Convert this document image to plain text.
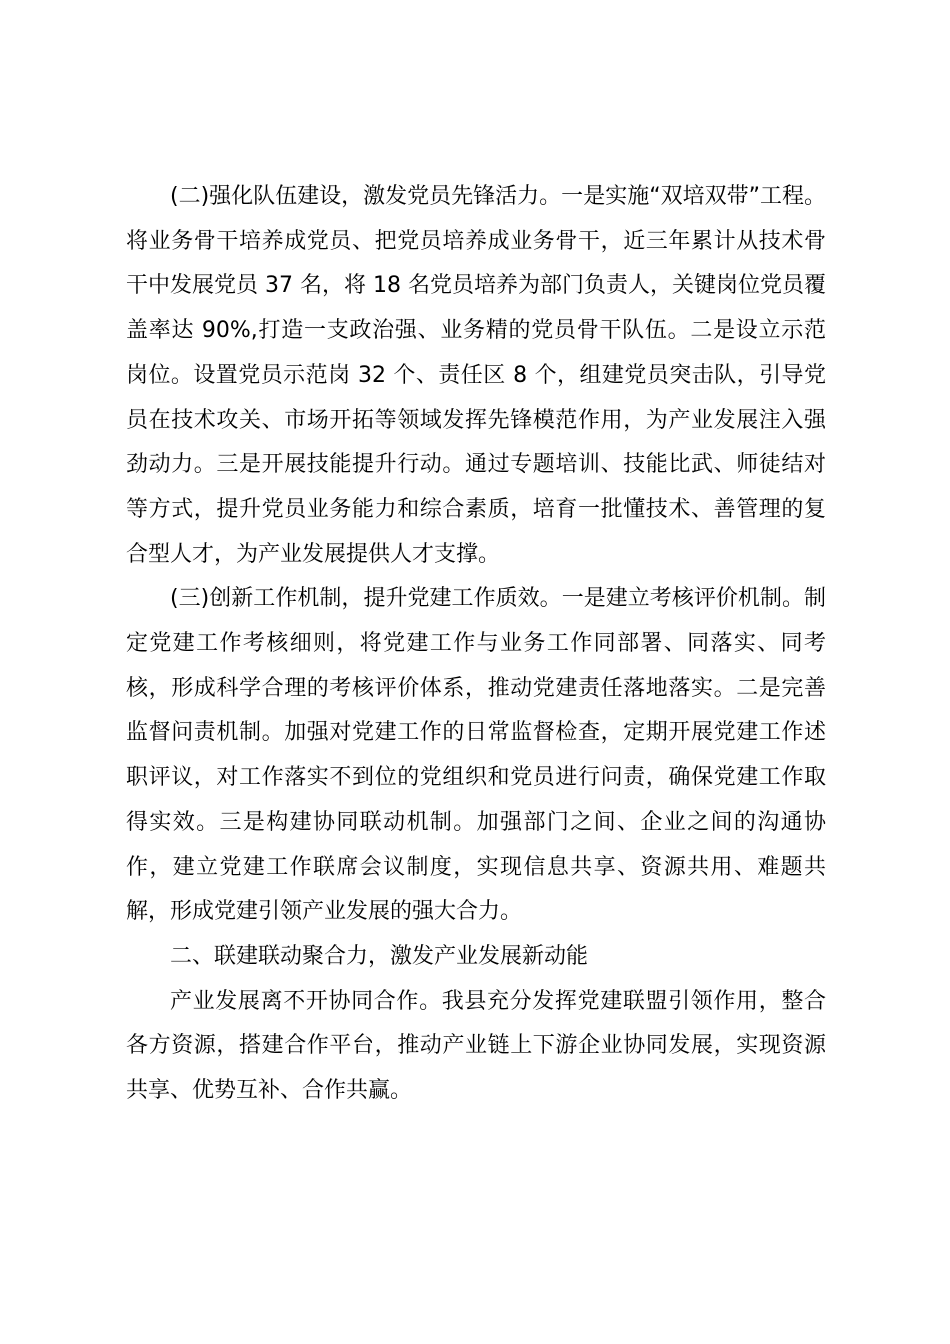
(二)强化队伍建设，激发党员先锋活力。一是实施“双培双带”工程。将业务骨干培养成党员、把党员培养成业务骨干，近三年累计从技术骨干中发展党员 37 名，将 18 名党员培养为部门负责人，关键岗位党员覆盖率达 90%,打造一支政治强、业务精的党员骨干队伍。二是设立示范岗位。设置党员示范岗 32 个、责任区 8 个，组建党员突击队，引导党员在技术攻关、市场开拓等领域发挥先锋模范作用，为产业发展注入强劲动力。三是开展技能提升行动。通过专题培训、技能比武、师徒结对等方式，提升党员业务能力和综合素质，培育一批懂技术、善管理的复合型人才，为产业发展提供人才支撑。

(三)创新工作机制，提升党建工作质效。一是建立考核评价机制。制定党建工作考核细则，将党建工作与业务工作同部署、同落实、同考核，形成科学合理的考核评价体系，推动党建责任落地落实。二是完善监督问责机制。加强对党建工作的日常监督检查，定期开展党建工作述职评议，对工作落实不到位的党组织和党员进行问责，确保党建工作取得实效。三是构建协同联动机制。加强部门之间、企业之间的沟通协作，建立党建工作联席会议制度，实现信息共享、资源共用、难题共解，形成党建引领产业发展的强大合力。

二、联建联动聚合力，激发产业发展新动能

产业发展离不开协同合作。我县充分发挥党建联盟引领作用，整合各方资源，搭建合作平台，推动产业链上下游企业协同发展，实现资源共享、优势互补、合作共赢。
